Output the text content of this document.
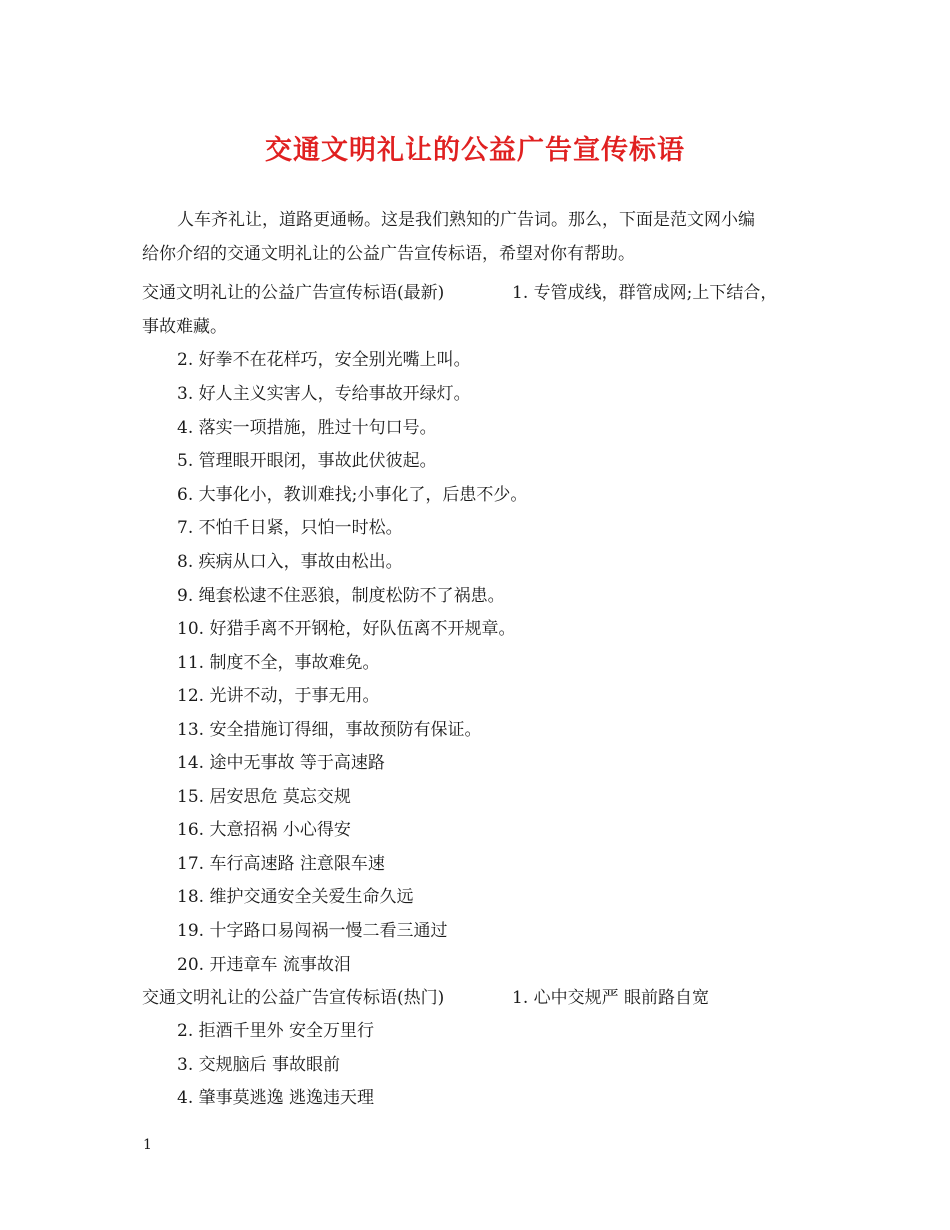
交通文明礼让的公益广告宣传标语
人车齐礼让，道路更通畅。这是我们熟知的广告词。那么，下面是范文网小编
给你介绍的交通文明礼让的公益广告宣传标语，希望对你有帮助。
交通文明礼让的公益广告宣传标语(最新)	1. 专管成线，群管成网;上下结合，
事故难藏。
2. 好拳不在花样巧，安全别光嘴上叫。
3. 好人主义实害人，专给事故开绿灯。
4. 落实一项措施，胜过十句口号。
5. 管理眼开眼闭，事故此伏彼起。
6. 大事化小，教训难找;小事化了，后患不少。
7. 不怕千日紧，只怕一时松。
8. 疾病从口入，事故由松出。
9. 绳套松逮不住恶狼，制度松防不了祸患。
10. 好猎手离不开钢枪，好队伍离不开规章。
11. 制度不全，事故难免。
12. 光讲不动，于事无用。
13. 安全措施订得细，事故预防有保证。
14. 途中无事故 等于高速路
15. 居安思危 莫忘交规
16. 大意招祸 小心得安
17. 车行高速路 注意限车速
18. 维护交通安全关爱生命久远
19. 十字路口易闯祸一慢二看三通过
20. 开违章车 流事故泪
交通文明礼让的公益广告宣传标语(热门)	1. 心中交规严 眼前路自宽
2. 拒酒千里外 安全万里行
3. 交规脑后 事故眼前
4. 肇事莫逃逸 逃逸违天理
1
